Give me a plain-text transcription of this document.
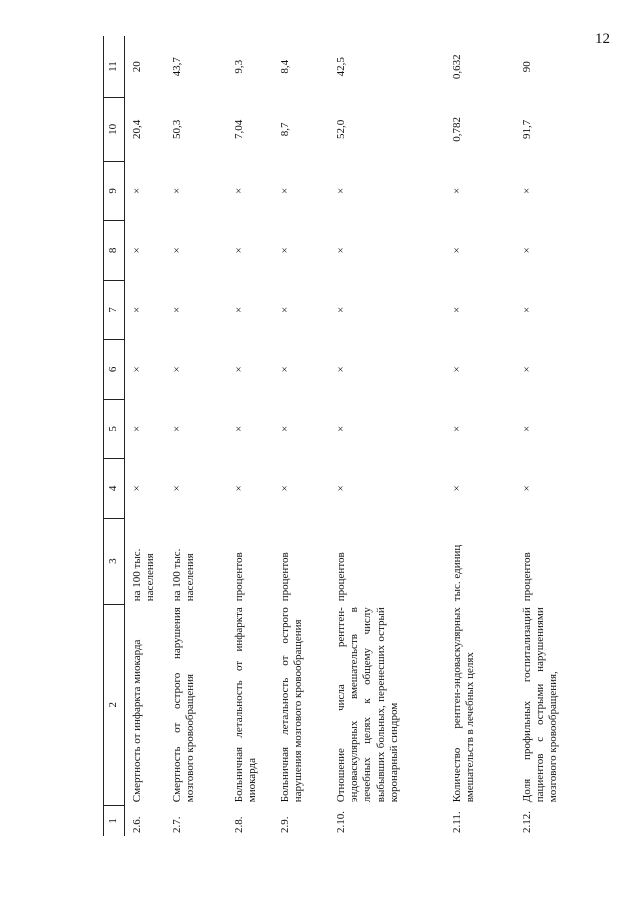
12
1	2	3	4	5	6	7	8	9	10	11
2.6.	Смертность от инфаркта миокарда	на 100 тыс. населения	×	×	×	×	×	×	20,4	20
2.7.	Смертность от острого нарушения мозгового кровообращения	на 100 тыс. населения	×	×	×	×	×	×	50,3	43,7
2.8.	Больничная летальность от инфаркта миокарда	процентов	×	×	×	×	×	×	7,04	9,3
2.9.	Больничная летальность от острого нарушения мозгового кровообращения	процентов	×	×	×	×	×	×	8,7	8,4
2.10.	Отношение числа рентген-эндоваскулярных вмешательств в лечебных целях к общему числу выбывших больных, перенесших острый коронарный синдром	процентов	×	×	×	×	×	×	52,0	42,5
2.11.	Количество рентген-эндоваскулярных вмешательств в лечебных целях	тыс. единиц	×	×	×	×	×	×	0,782	0,632
2.12.	Доля профильных госпитализаций пациентов с острыми нарушениями мозгового кровообращения,	процентов	×	×	×	×	×	×	91,7	90
